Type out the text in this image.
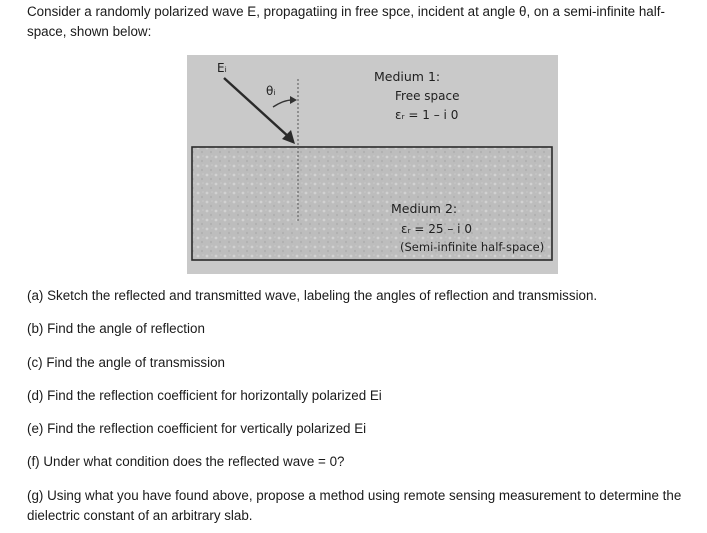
Consider a randomly polarized wave E, propagatiing in free spce, incident at angle θ, on a semi-infinite half-space, shown below:

Eᵢ
θᵢ
Medium 1:
Free space
εᵣ = 1 – i 0
Medium 2:
εᵣ = 25 – i 0
(Semi-infinite half-space)

(a) Sketch the reflected and transmitted wave, labeling the angles of reflection and transmission.

(b) Find the angle of reflection

(c) Find the angle of transmission

(d) Find the reflection coefficient for horizontally polarized Ei

(e) Find the reflection coefficient for vertically polarized Ei

(f) Under what condition does the reflected wave = 0?

(g) Using what you have found above, propose a method using remote sensing measurement to determine the dielectric constant of an arbitrary slab.
